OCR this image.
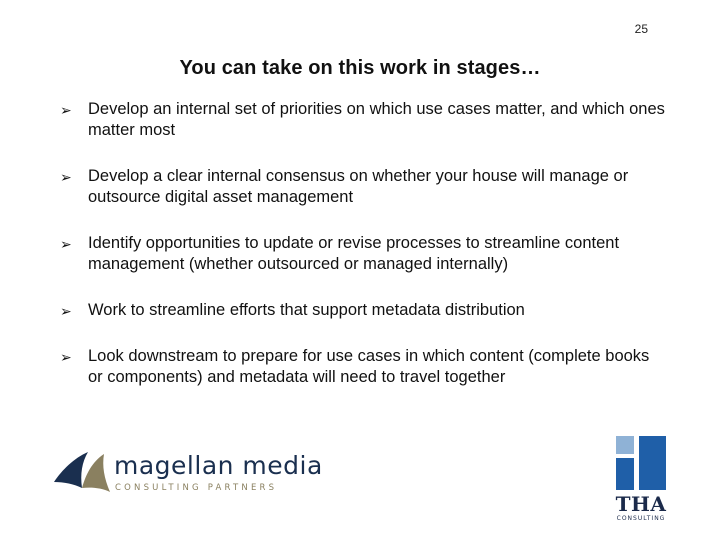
25
You can take on this work in stages…
➢ Develop an internal set of priorities on which use cases matter, and which ones matter most
➢ Develop a clear internal consensus on whether your house will manage or outsource digital asset management
➢ Identify opportunities to update or revise processes to streamline content management (whether outsourced or managed internally)
➢ Work to streamline efforts that support metadata distribution
➢ Look downstream to prepare for use cases in which content (complete books or components) and metadata will need to travel together
magellan media
CONSULTING PARTNERS
THA
CONSULTING
